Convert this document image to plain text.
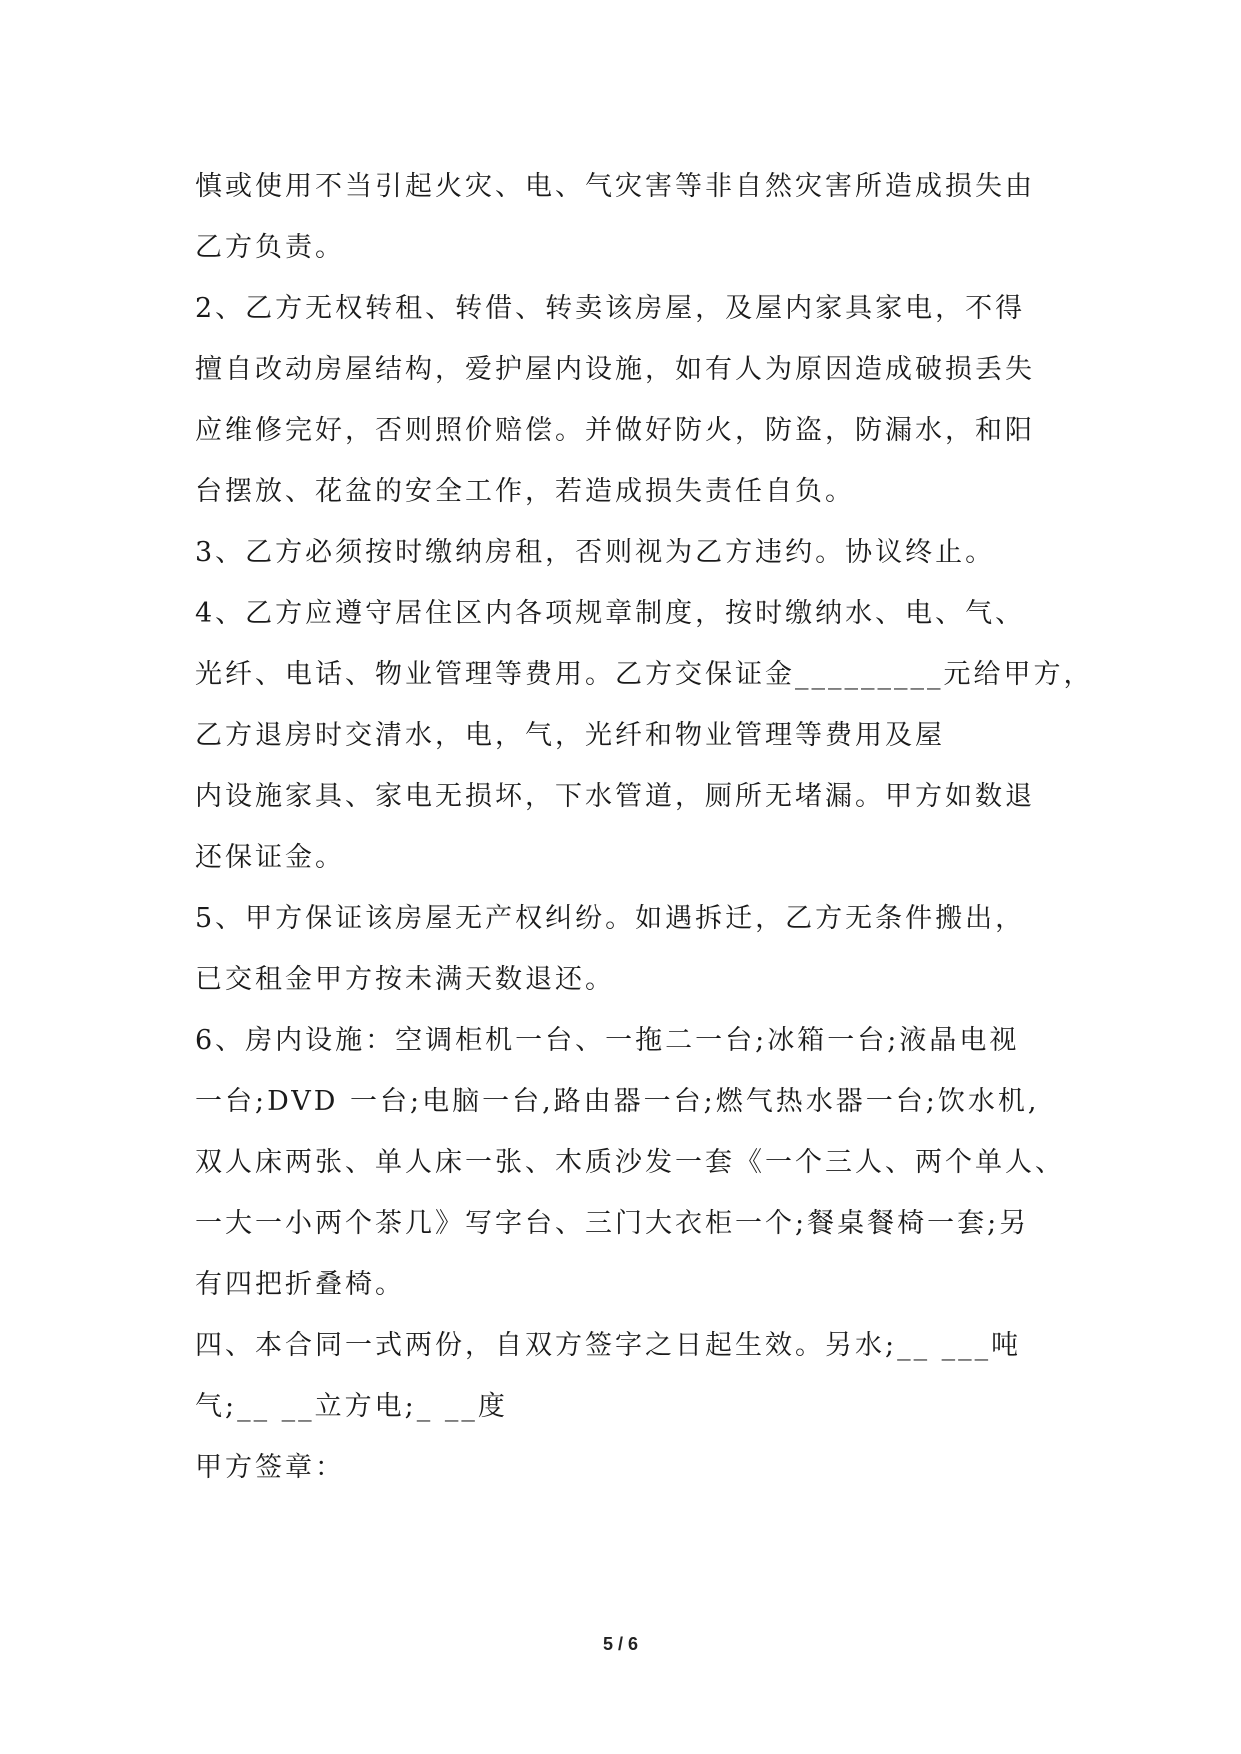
慎或使用不当引起火灾、电、气灾害等非自然灾害所造成损失由
乙方负责。
2、乙方无权转租、转借、转卖该房屋，及屋内家具家电，不得
擅自改动房屋结构，爱护屋内设施，如有人为原因造成破损丢失
应维修完好，否则照价赔偿。并做好防火，防盗，防漏水，和阳
台摆放、花盆的安全工作，若造成损失责任自负。
3、乙方必须按时缴纳房租，否则视为乙方违约。协议终止。
4、乙方应遵守居住区内各项规章制度，按时缴纳水、电、气、
光纤、电话、物业管理等费用。乙方交保证金_________元给甲方，
乙方退房时交清水，电，气，光纤和物业管理等费用及屋
内设施家具、家电无损坏，下水管道，厕所无堵漏。甲方如数退
还保证金。
5、甲方保证该房屋无产权纠纷。如遇拆迁，乙方无条件搬出，
已交租金甲方按未满天数退还。
6、房内设施：空调柜机一台、一拖二一台;冰箱一台;液晶电视
一台;DVD 一台;电脑一台,路由器一台;燃气热水器一台;饮水机,
双人床两张、单人床一张、木质沙发一套《一个三人、两个单人、
一大一小两个茶几》写字台、三门大衣柜一个;餐桌餐椅一套;另
有四把折叠椅。
四、本合同一式两份，自双方签字之日起生效。另水;__ ___吨
气;__ __立方电;_ __度
甲方签章：
5 / 6
